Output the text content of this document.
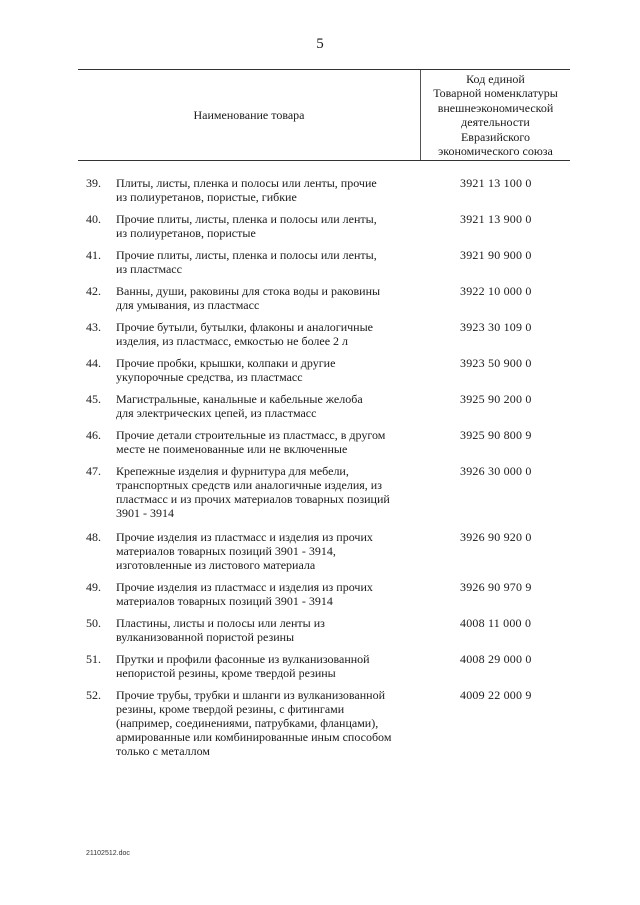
5
Наименование товара
Код единой
Товарной номенклатуры
внешнеэкономической
деятельности
Евразийского
экономического союза
39.	Плиты, листы, пленка и полосы или ленты, прочие
из полиуретанов, пористые, гибкие
3921 13 100 0
40.	Прочие плиты, листы, пленка и полосы или ленты,
из полиуретанов, пористые
3921 13 900 0
41.	Прочие плиты, листы, пленка и полосы или ленты,
из пластмасс
3921 90 900 0
42.	Ванны, души, раковины для стока воды и раковины
для умывания, из пластмасс
3922 10 000 0
43.	Прочие бутыли, бутылки, флаконы и аналогичные
изделия, из пластмасс, емкостью не более 2 л
3923 30 109 0
44.	Прочие пробки, крышки, колпаки и другие
укупорочные средства, из пластмасс
3923 50 900 0
45.	Магистральные, канальные и кабельные желоба
для электрических цепей, из пластмасс
3925 90 200 0
46.	Прочие детали строительные из пластмасс, в другом
месте не поименованные или не включенные
3925 90 800 9
47.	Крепежные изделия и фурнитура для мебели,
транспортных средств или аналогичные изделия, из
пластмасс и из прочих материалов товарных позиций
3901 - 3914
3926 30 000 0
48.	Прочие изделия из пластмасс и изделия из прочих
материалов товарных позиций 3901 - 3914,
изготовленные из листового материала
3926 90 920 0
49.	Прочие изделия из пластмасс и изделия из прочих
материалов товарных позиций 3901 - 3914
3926 90 970 9
50.	Пластины, листы и полосы или ленты из
вулканизованной пористой резины
4008 11 000 0
51.	Прутки и профили фасонные из вулканизованной
непористой резины, кроме твердой резины
4008 29 000 0
52.	Прочие трубы, трубки и шланги из вулканизованной
резины, кроме твердой резины, с фитингами
(например, соединениями, патрубками, фланцами),
армированные или комбинированные иным способом
только с металлом
4009 22 000 9
21102512.doc
